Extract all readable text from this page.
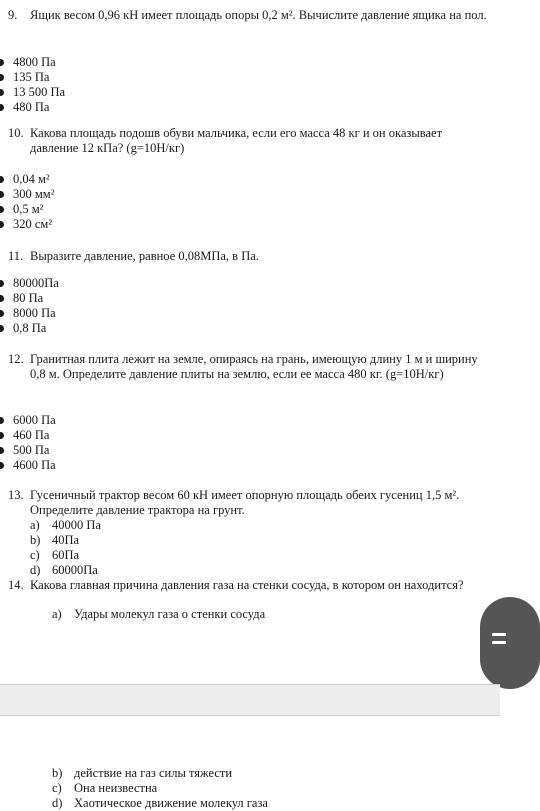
9. Ящик весом 0,96 кН имеет площадь опоры 0,2 м². Вычислите давление ящика на пол.
4800 Па
135 Па
13 500 Па
480 Па
10. Какова площадь подошв обуви мальчика, если его масса 48 кг и он оказывает давление 12 кПа? (g=10Н/кг)
0,04 м²
300 мм²
0,5 м²
320 см²
11. Выразите давление, равное 0,08МПа, в Па.
80000Па
80 Па
8000 Па
0,8 Па
12. Гранитная плита лежит на земле, опираясь на грань, имеющую длину 1 м и ширину 0,8 м. Определите давление плиты на землю, если ее масса 480 кг. (g=10Н/кг)
6000 Па
460 Па
500 Па
4600 Па
13. Гусеничный трактор весом 60 кН имеет опорную площадь обеих гусениц 1,5 м². Определите давление трактора на грунт.
a) 40000 Па
b) 40Па
c) 60Па
d) 60000Па
14. Какова главная причина давления газа на стенки сосуда, в котором он находится?
a) Удары молекул газа о стенки сосуда
b) действие на газ силы тяжести
c) Она неизвестна
d) Хаотическое движение молекул газа
